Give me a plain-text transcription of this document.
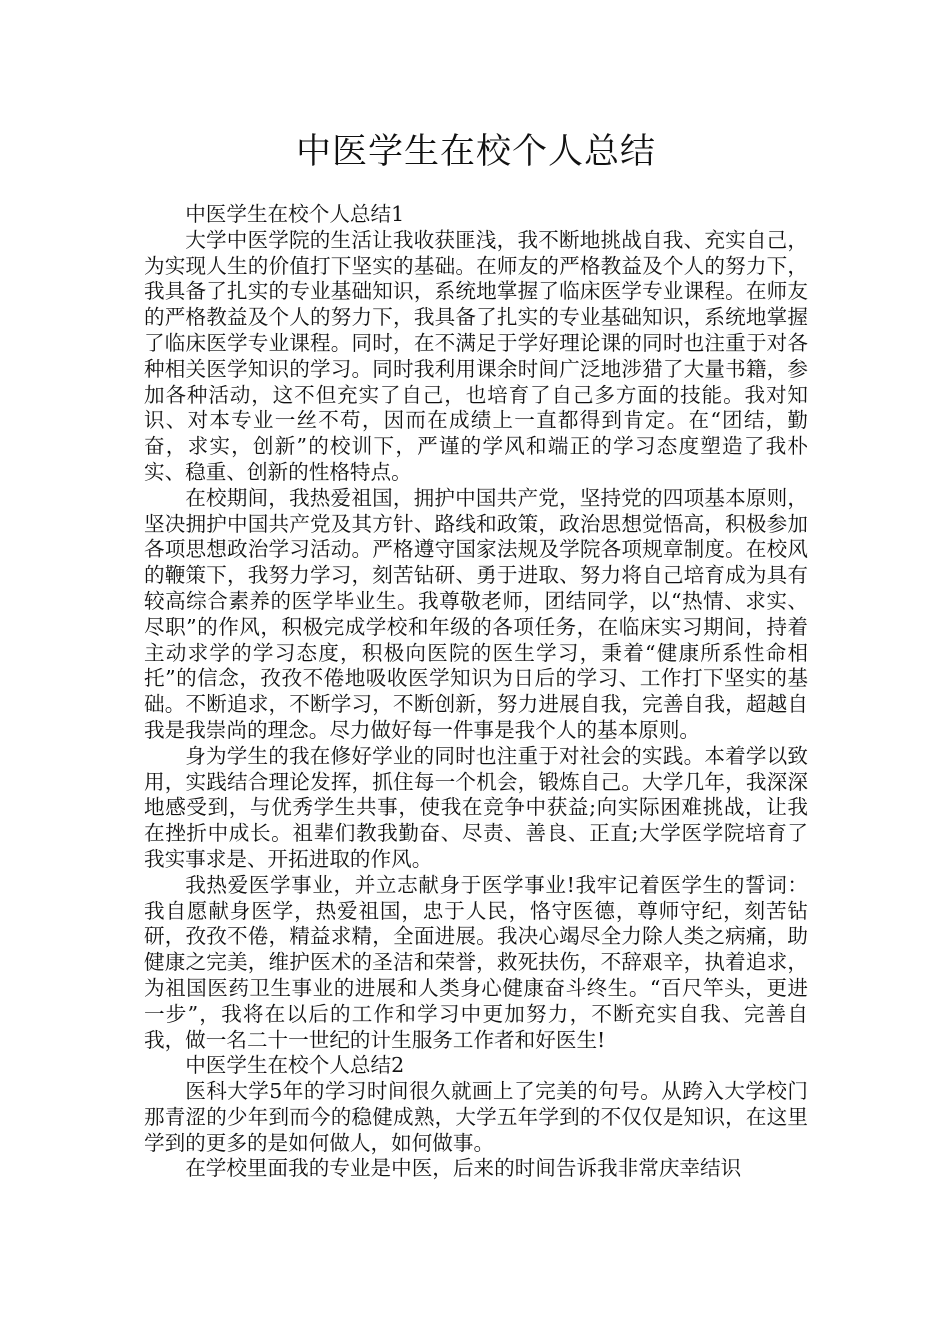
中医学生在校个人总结

中医学生在校个人总结1

大学中医学院的生活让我收获匪浅，我不断地挑战自我、充实自己，为实现人生的价值打下坚实的基础。在师友的严格教益及个人的努力下，我具备了扎实的专业基础知识，系统地掌握了临床医学专业课程。在师友的严格教益及个人的努力下，我具备了扎实的专业基础知识，系统地掌握了临床医学专业课程。同时，在不满足于学好理论课的同时也注重于对各种相关医学知识的学习。同时我利用课余时间广泛地涉猎了大量书籍，参加各种活动，这不但充实了自己，也培育了自己多方面的技能。我对知识、对本专业一丝不苟，因而在成绩上一直都得到肯定。在“团结，勤奋，求实，创新”的校训下，严谨的学风和端正的学习态度塑造了我朴实、稳重、创新的性格特点。

在校期间，我热爱祖国，拥护中国共产党，坚持党的四项基本原则，坚决拥护中国共产党及其方针、路线和政策，政治思想觉悟高，积极参加各项思想政治学习活动。严格遵守国家法规及学院各项规章制度。在校风的鞭策下，我努力学习，刻苦钻研、勇于进取、努力将自己培育成为具有较高综合素养的医学毕业生。我尊敬老师，团结同学，以“热情、求实、尽职”的作风，积极完成学校和年级的各项任务，在临床实习期间，持着主动求学的学习态度，积极向医院的医生学习，秉着“健康所系性命相托”的信念，孜孜不倦地吸收医学知识为日后的学习、工作打下坚实的基础。不断追求，不断学习，不断创新，努力进展自我，完善自我，超越自我是我崇尚的理念。尽力做好每一件事是我个人的基本原则。

身为学生的我在修好学业的同时也注重于对社会的实践。本着学以致用，实践结合理论发挥，抓住每一个机会，锻炼自己。大学几年，我深深地感受到，与优秀学生共事，使我在竞争中获益;向实际困难挑战，让我在挫折中成长。祖辈们教我勤奋、尽责、善良、正直;大学医学院培育了我实事求是、开拓进取的作风。

我热爱医学事业，并立志献身于医学事业!我牢记着医学生的誓词：我自愿献身医学，热爱祖国，忠于人民，恪守医德，尊师守纪，刻苦钻研，孜孜不倦，精益求精，全面进展。我决心竭尽全力除人类之病痛，助健康之完美，维护医术的圣洁和荣誉，救死扶伤，不辞艰辛，执着追求，为祖国医药卫生事业的进展和人类身心健康奋斗终生。“百尺竿头，更进一步”，我将在以后的工作和学习中更加努力，不断充实自我、完善自我，做一名二十一世纪的计生服务工作者和好医生!

中医学生在校个人总结2

医科大学5年的学习时间很久就画上了完美的句号。从跨入大学校门那青涩的少年到而今的稳健成熟，大学五年学到的不仅仅是知识，在这里学到的更多的是如何做人，如何做事。

在学校里面我的专业是中医，后来的时间告诉我非常庆幸结识
